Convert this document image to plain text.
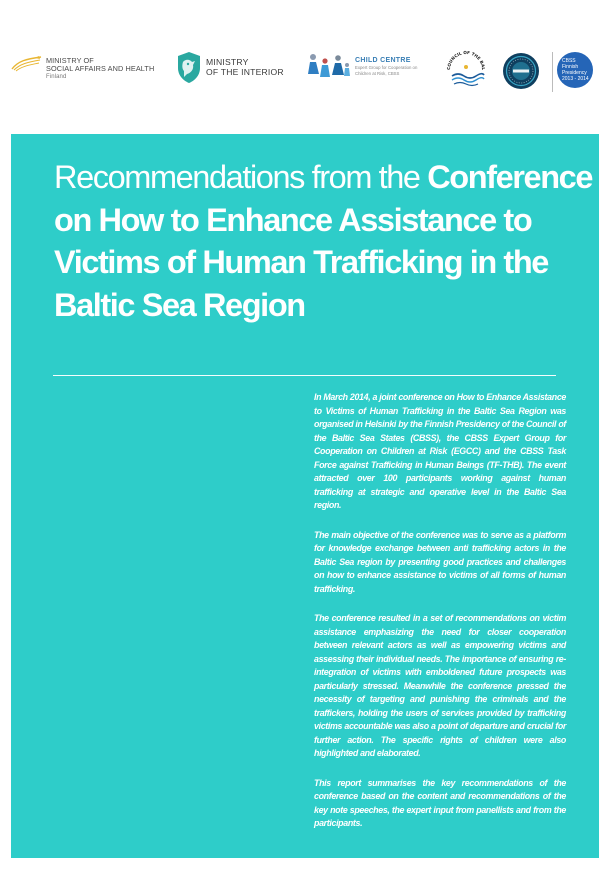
MINISTRY OF
SOCIAL AFFAIRS AND HEALTH
Finland
MINISTRY
OF THE INTERIOR
CHILD CENTRE
Expert Group for Cooperation on
Children at Risk, CBSS
COUNCIL OF THE BAL
CBSS
Finnish
Presidency
2013 - 2014
Recommendations from the Conference on How to Enhance Assistance to Victims of Human Trafficking in the Baltic Sea Region

In March 2014, a joint conference on How to Enhance Assistance to Victims of Human Trafficking in the Baltic Sea Region was organised in Helsinki by the Finnish Presidency of the Council of the Baltic Sea States (CBSS), the CBSS Expert Group for Cooperation on Children at Risk (EGCC) and the CBSS Task Force against Trafficking in Human Beings (TF-THB). The event attracted over 100 participants working against human trafficking at strategic and operative level in the Baltic Sea region.

The main objective of the conference was to serve as a platform for knowledge exchange between anti trafficking actors in the Baltic Sea region by presenting good practices and challenges on how to enhance assistance to victims of all forms of human trafficking.

The conference resulted in a set of recommendations on victim assistance emphasizing the need for closer cooperation between relevant actors as well as empowering victims and assessing their individual needs. The importance of ensuring re-integration of victims with emboldened future prospects was particularly stressed. Meanwhile the conference pressed the necessity of targeting and punishing the criminals and the traffickers, holding the users of services provided by trafficking victims accountable was also a point of departure and crucial for further action. The specific rights of children were also highlighted and elaborated.

This report summarises the key recommendations of the conference based on the content and recommendations of the key note speeches, the expert input from panellists and from the participants.
